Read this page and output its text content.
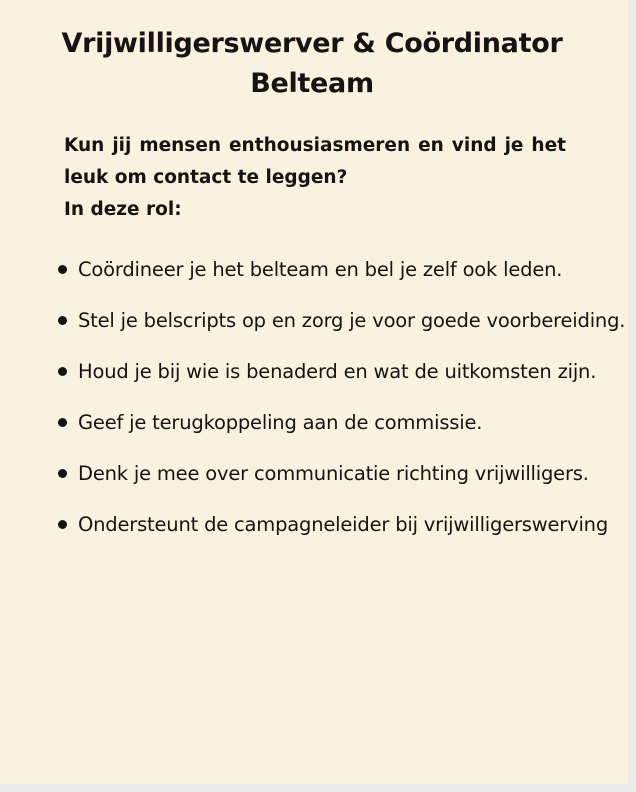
Vrijwilligerswerver & Coördinator Belteam
Kun jij mensen enthousiasmeren en vind je het leuk om contact te leggen?
In deze rol:
Coördineer je het belteam en bel je zelf ook leden.
Stel je belscripts op en zorg je voor goede voorbereiding.
Houd je bij wie is benaderd en wat de uitkomsten zijn.
Geef je terugkoppeling aan de commissie.
Denk je mee over communicatie richting vrijwilligers.
Ondersteunt de campagneleider bij vrijwilligerswerving
